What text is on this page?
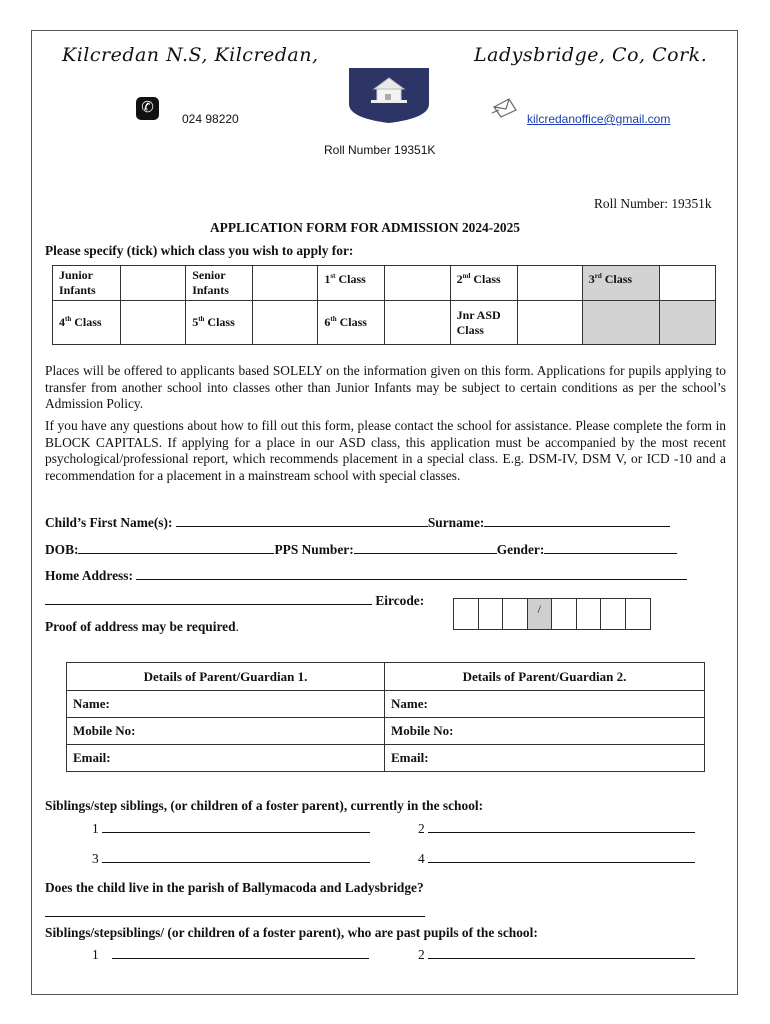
Kilcredan N.S, Kilcredan,	Ladysbridge, Co, Cork.
✆
024 98220	kilcredanoffice@gmail.com
Roll Number 19351K
Roll Number: 19351k
APPLICATION FORM FOR ADMISSION 2024-2025
Please specify (tick) which class you wish to apply for:
Junior Infants		Senior Infants		1st Class		2nd Class		3rd Class	
4th Class		5th Class		6th Class		Jnr ASD Class			

Places will be offered to applicants based SOLELY on the information given on this form. Applications for pupils applying to transfer from another school into classes other than Junior Infants may be subject to certain conditions as per the school’s Admission Policy.

If you have any questions about how to fill out this form, please contact the school for assistance. Please complete the form in BLOCK CAPITALS. If applying for a place in our ASD class, this application must be accompanied by the most recent psychological/professional report, which recommends placement in a special class. E.g. DSM-IV, DSM V, or ICD -10 and a recommendation for a placement in a mainstream school with special classes.

Child’s First Name(s):	Surname:
DOB:	PPS Number:	Gender:
Home Address:
Eircode:
/
Proof of address may be required.
Details of Parent/Guardian 1.	Details of Parent/Guardian 2.
Name:	Name:
Mobile No:	Mobile No:
Email:	Email:
Siblings/step siblings, (or children of a foster parent), currently in the school:
1	2
3	4
Does the child live in the parish of Ballymacoda and Ladysbridge?
Siblings/stepsiblings/ (or children of a foster parent), who are past pupils of the school:
1	2
